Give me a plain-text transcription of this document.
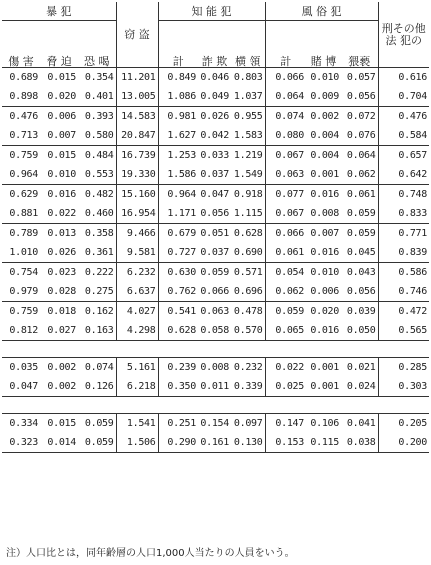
暴 犯			窃 盗	知 能 犯			風 俗 犯			刑その他
法 犯の
傷 害	脅 迫	恐 喝		計	詐 欺	横 領	計	賭 博	猥褻	
0.689	0.015	0.354	11.201	0.849	0.046	0.803	0.066	0.010	0.057	0.616
0.898	0.020	0.401	13.005	1.086	0.049	1.037	0.064	0.009	0.056	0.704
0.476	0.006	0.393	14.583	0.981	0.026	0.955	0.074	0.002	0.072	0.476
0.713	0.007	0.580	20.847	1.627	0.042	1.583	0.080	0.004	0.076	0.584
0.759	0.015	0.484	16.739	1.253	0.033	1.219	0.067	0.004	0.064	0.657
0.964	0.010	0.553	19.330	1.586	0.037	1.549	0.063	0.001	0.062	0.642
0.629	0.016	0.482	15.160	0.964	0.047	0.918	0.077	0.016	0.061	0.748
0.881	0.022	0.460	16.954	1.171	0.056	1.115	0.067	0.008	0.059	0.833
0.789	0.013	0.358	9.466	0.679	0.051	0.628	0.066	0.007	0.059	0.771
1.010	0.026	0.361	9.581	0.727	0.037	0.690	0.061	0.016	0.045	0.839
0.754	0.023	0.222	6.232	0.630	0.059	0.571	0.054	0.010	0.043	0.586
0.979	0.028	0.275	6.637	0.762	0.066	0.696	0.062	0.006	0.056	0.746
0.759	0.018	0.162	4.027	0.541	0.063	0.478	0.059	0.020	0.039	0.472
0.812	0.027	0.163	4.298	0.628	0.058	0.570	0.065	0.016	0.050	0.565

0.035	0.002	0.074	5.161	0.239	0.008	0.232	0.022	0.001	0.021	0.285
0.047	0.002	0.126	6.218	0.350	0.011	0.339	0.025	0.001	0.024	0.303

0.334	0.015	0.059	1.541	0.251	0.154	0.097	0.147	0.106	0.041	0.205
0.323	0.014	0.059	1.506	0.290	0.161	0.130	0.153	0.115	0.038	0.200
注）人口比とは，同年齢層の人口1,000人当たりの人員をいう。
